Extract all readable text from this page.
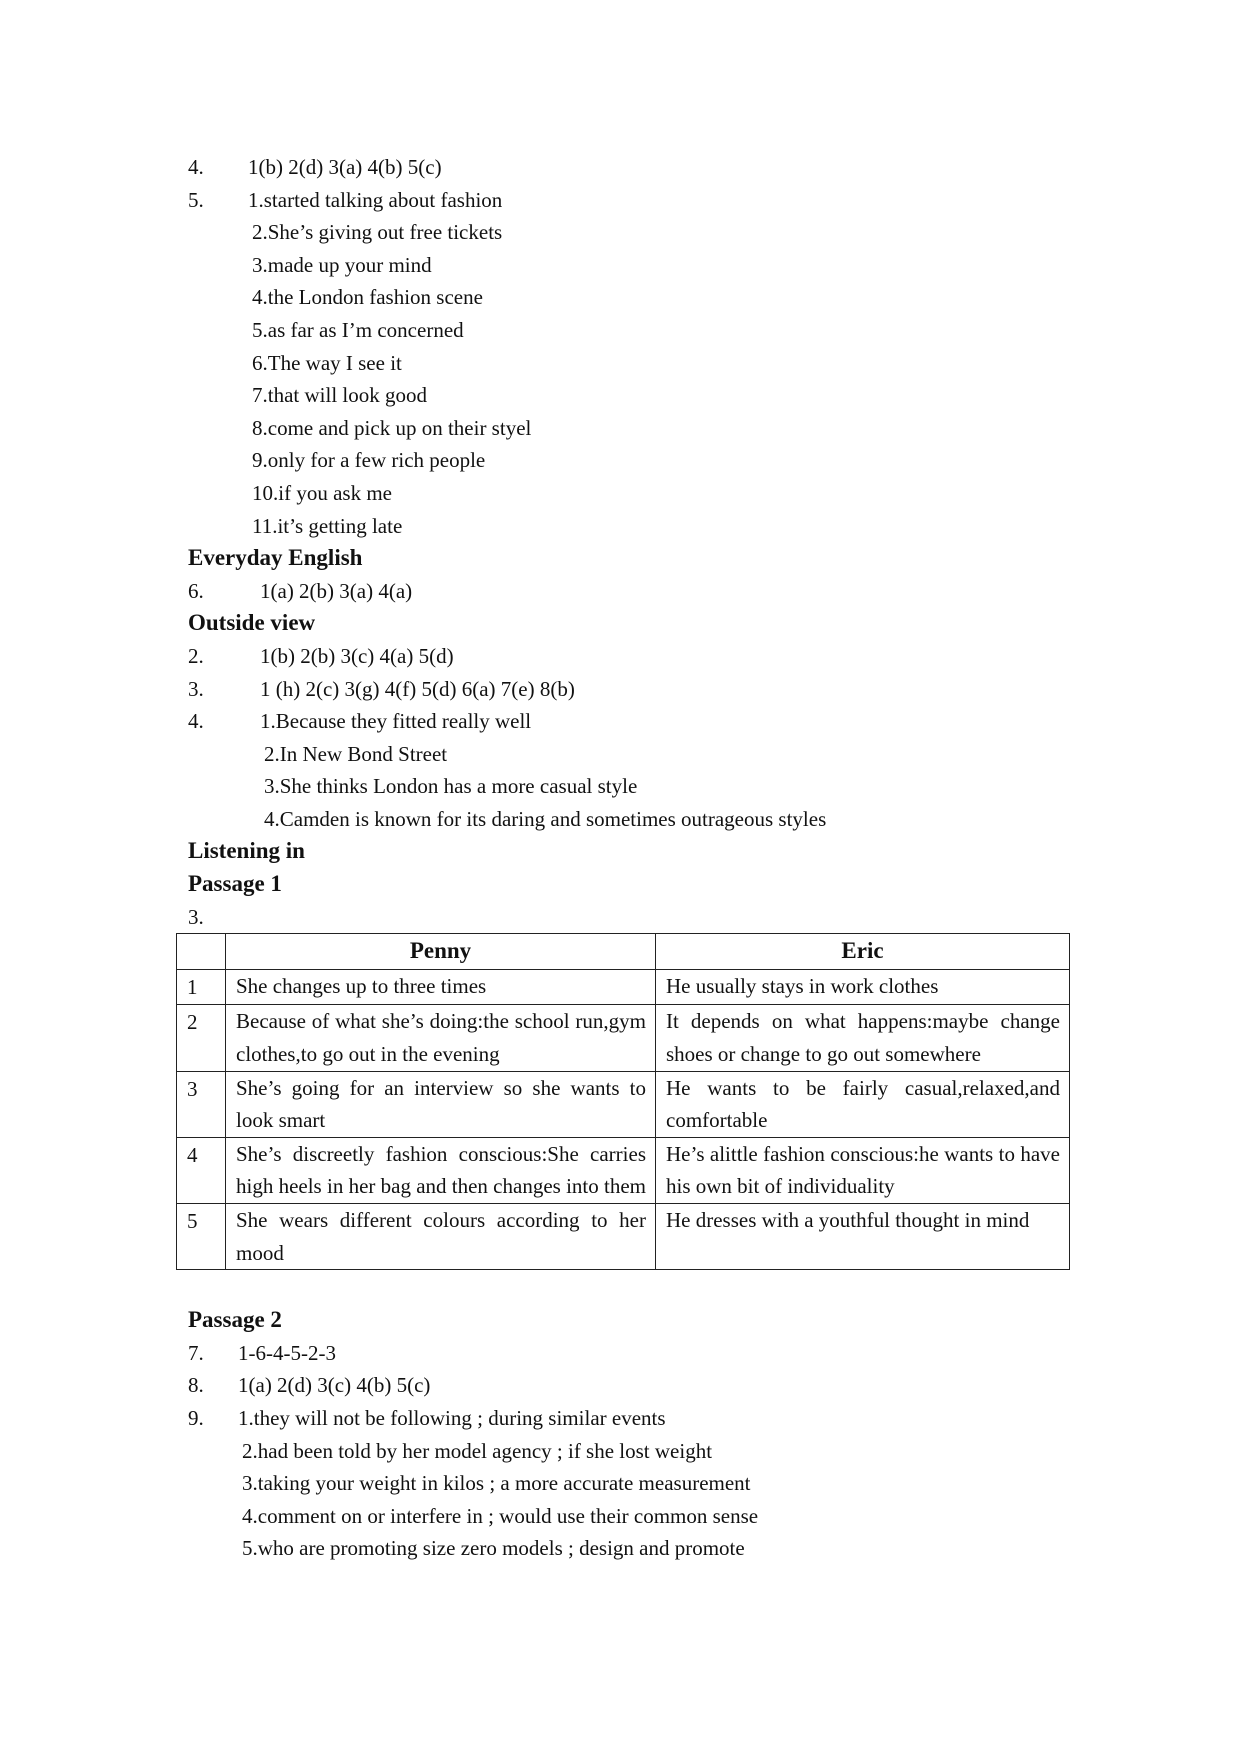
4. 1(b) 2(d) 3(a) 4(b) 5(c)
5. 1.started talking about fashion
2.She’s giving out free tickets
3.made up your mind
4.the London fashion scene
5.as far as I’m concerned
6.The way I see it
7.that will look good
8.come and pick up on their styel
9.only for a few rich people
10.if you ask me
11.it’s getting late
Everyday English
6.	1(a) 2(b) 3(a) 4(a)
Outside view
2.	1(b) 2(b) 3(c) 4(a) 5(d)
3.	1 (h) 2(c) 3(g) 4(f) 5(d) 6(a) 7(e) 8(b)
4.	1.Because they fitted really well
2.In New Bond Street
3.She thinks London has a more casual style
4.Camden is known for its daring and sometimes outrageous styles
Listening in
Passage 1
3.
	Penny	Eric
1	She changes up to three times	He usually stays in work clothes
2	Because of what she’s doing:the school run,gym clothes,to go out in the evening	It depends on what happens:maybe change shoes or change to go out somewhere
3	She’s going for an interview so she wants to look smart	He wants to be fairly casual,relaxed,and comfortable
4	She’s discreetly fashion conscious:She carries high heels in her bag and then changes into them	He’s alittle fashion conscious:he wants to have his own bit of individuality
5	She wears different colours according to her mood	He dresses with a youthful thought in mind
Passage 2
7. 1-6-4-5-2-3
8. 1(a) 2(d) 3(c) 4(b) 5(c)
9. 1.they will not be following ; during similar events
2.had been told by her model agency ; if she lost weight
3.taking your weight in kilos ; a more accurate measurement
4.comment on or interfere in ; would use their common sense
5.who are promoting size zero models ; design and promote
